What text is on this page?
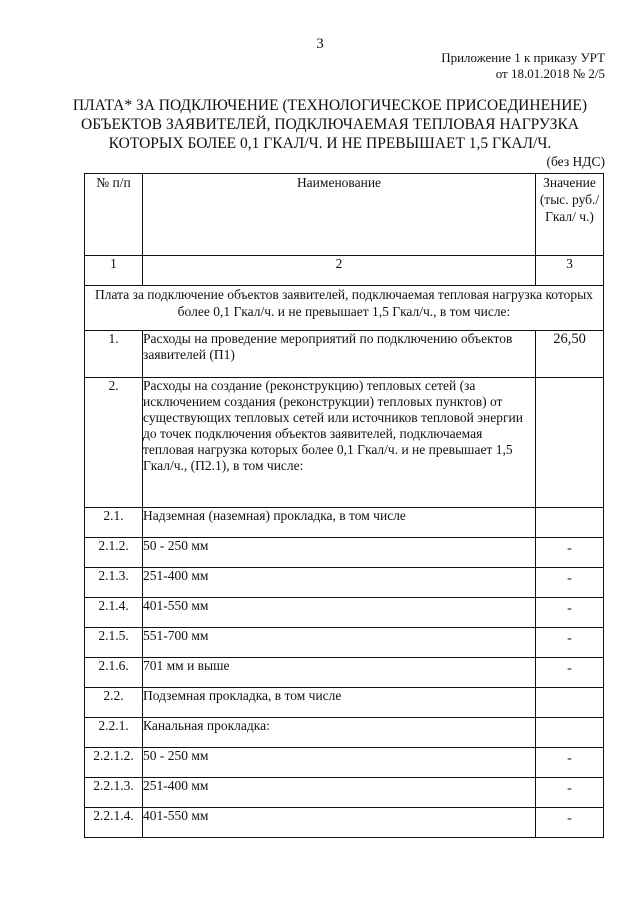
3
Приложение 1 к приказу УРТ
от 18.01.2018 № 2/5
ПЛАТА* ЗА ПОДКЛЮЧЕНИЕ (ТЕХНОЛОГИЧЕСКОЕ ПРИСОЕДИНЕНИЕ)
ОБЪЕКТОВ ЗАЯВИТЕЛЕЙ, ПОДКЛЮЧАЕМАЯ ТЕПЛОВАЯ НАГРУЗКА
КОТОРЫХ БОЛЕЕ 0,1 ГКАЛ/Ч. И НЕ ПРЕВЫШАЕТ 1,5 ГКАЛ/Ч.
(без НДС)
№ п/п	Наименование	Значение (тыс. руб./Гкал/ ч.)
1	2	3
Плата за подключение объектов заявителей, подключаемая тепловая нагрузка которых более 0,1 Гкал/ч. и не превышает 1,5 Гкал/ч., в том числе:		
1.	Расходы на проведение мероприятий по подключению объектов заявителей (П1)	26,50
2.	Расходы на создание (реконструкцию) тепловых сетей (за исключением создания (реконструкции) тепловых пунктов) от существующих тепловых сетей или источников тепловой энергии до точек подключения объектов заявителей, подключаемая тепловая нагрузка которых более 0,1 Гкал/ч. и не превышает 1,5 Гкал/ч., (П2.1), в том числе:	
2.1.	Надземная (наземная) прокладка, в том числе	
2.1.2.	50 - 250 мм	-
2.1.3.	251-400 мм	-
2.1.4.	401-550 мм	-
2.1.5.	551-700 мм	-
2.1.6.	701 мм и выше	-
2.2.	Подземная прокладка, в том числе	
2.2.1.	Канальная прокладка:	
2.2.1.2.	50 - 250 мм	-
2.2.1.3.	251-400 мм	-
2.2.1.4.	401-550 мм	-
